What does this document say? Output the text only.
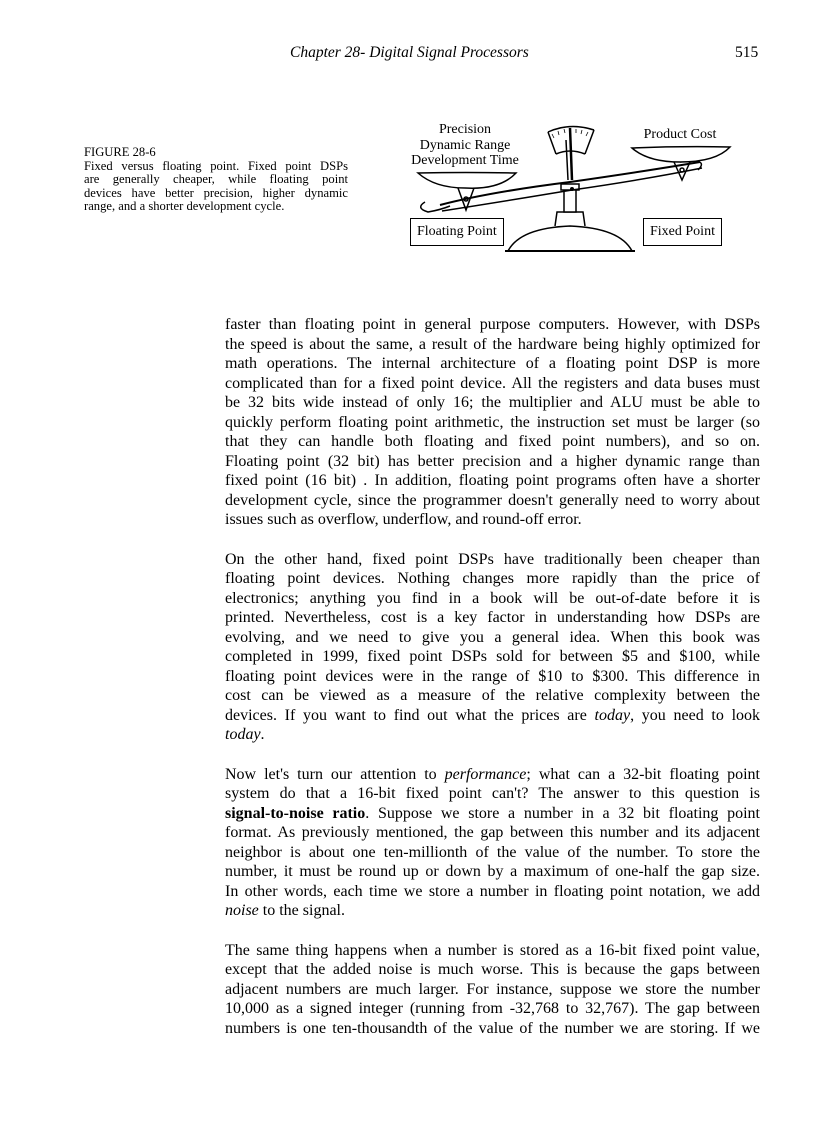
Chapter 28- Digital Signal Processors	515
FIGURE 28-6
Fixed versus floating point. Fixed point DSPs
are generally cheaper, while floating point
devices have better precision, higher dynamic
range, and a shorter development cycle.
Precision
Dynamic Range
Development Time
Product Cost
Floating Point	Fixed Point
faster than floating point in general purpose computers. However, with DSPs
the speed is about the same, a result of the hardware being highly optimized for
math operations. The internal architecture of a floating point DSP is more
complicated than for a fixed point device. All the registers and data buses must
be 32 bits wide instead of only 16; the multiplier and ALU must be able to
quickly perform floating point arithmetic, the instruction set must be larger (so
that they can handle both floating and fixed point numbers), and so on.
Floating point (32 bit) has better precision and a higher dynamic range than
fixed point (16 bit) . In addition, floating point programs often have a shorter
development cycle, since the programmer doesn't generally need to worry about
issues such as overflow, underflow, and round-off error.
On the other hand, fixed point DSPs have traditionally been cheaper than
floating point devices. Nothing changes more rapidly than the price of
electronics; anything you find in a book will be out-of-date before it is
printed. Nevertheless, cost is a key factor in understanding how DSPs are
evolving, and we need to give you a general idea. When this book was
completed in 1999, fixed point DSPs sold for between $5 and $100, while
floating point devices were in the range of $10 to $300. This difference in
cost can be viewed as a measure of the relative complexity between the
devices. If you want to find out what the prices are today, you need to look
today.
Now let's turn our attention to performance; what can a 32-bit floating point
system do that a 16-bit fixed point can't? The answer to this question is
signal-to-noise ratio. Suppose we store a number in a 32 bit floating point
format. As previously mentioned, the gap between this number and its adjacent
neighbor is about one ten-millionth of the value of the number. To store the
number, it must be round up or down by a maximum of one-half the gap size.
In other words, each time we store a number in floating point notation, we add
noise to the signal.
The same thing happens when a number is stored as a 16-bit fixed point value,
except that the added noise is much worse. This is because the gaps between
adjacent numbers are much larger. For instance, suppose we store the number
10,000 as a signed integer (running from -32,768 to 32,767). The gap between
numbers is one ten-thousandth of the value of the number we are storing. If we
